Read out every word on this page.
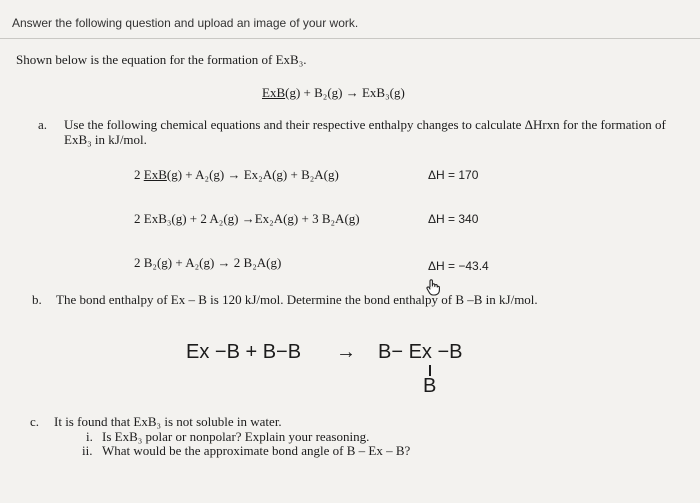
Answer the following question and upload an image of your work.
Shown below is the equation for the formation of ExB₃.
ExB(g) + B₂(g) → ExB₃(g)
a. Use the following chemical equations and their respective enthalpy changes to calculate ΔHrxn for the formation of
ExB₃ in kJ/mol.
2 ExB(g) + A₂(g) → Ex₂A(g) + B₂A(g)	ΔH = 170
2 ExB₃(g) + 2 A₂(g) →Ex₂A(g) + 3 B₂A(g)	ΔH = 340
2 B₂(g) + A₂(g) → 2 B₂A(g)	ΔH = −43.4
b. The bond enthalpy of Ex – B is 120 kJ/mol. Determine the bond enthalpy of B –B in kJ/mol.
Ex −B + B−B → B− Ex −B
B
c. It is found that ExB₃ is not soluble in water.
i. Is ExB₃ polar or nonpolar? Explain your reasoning.
ii. What would be the approximate bond angle of B – Ex – B?
